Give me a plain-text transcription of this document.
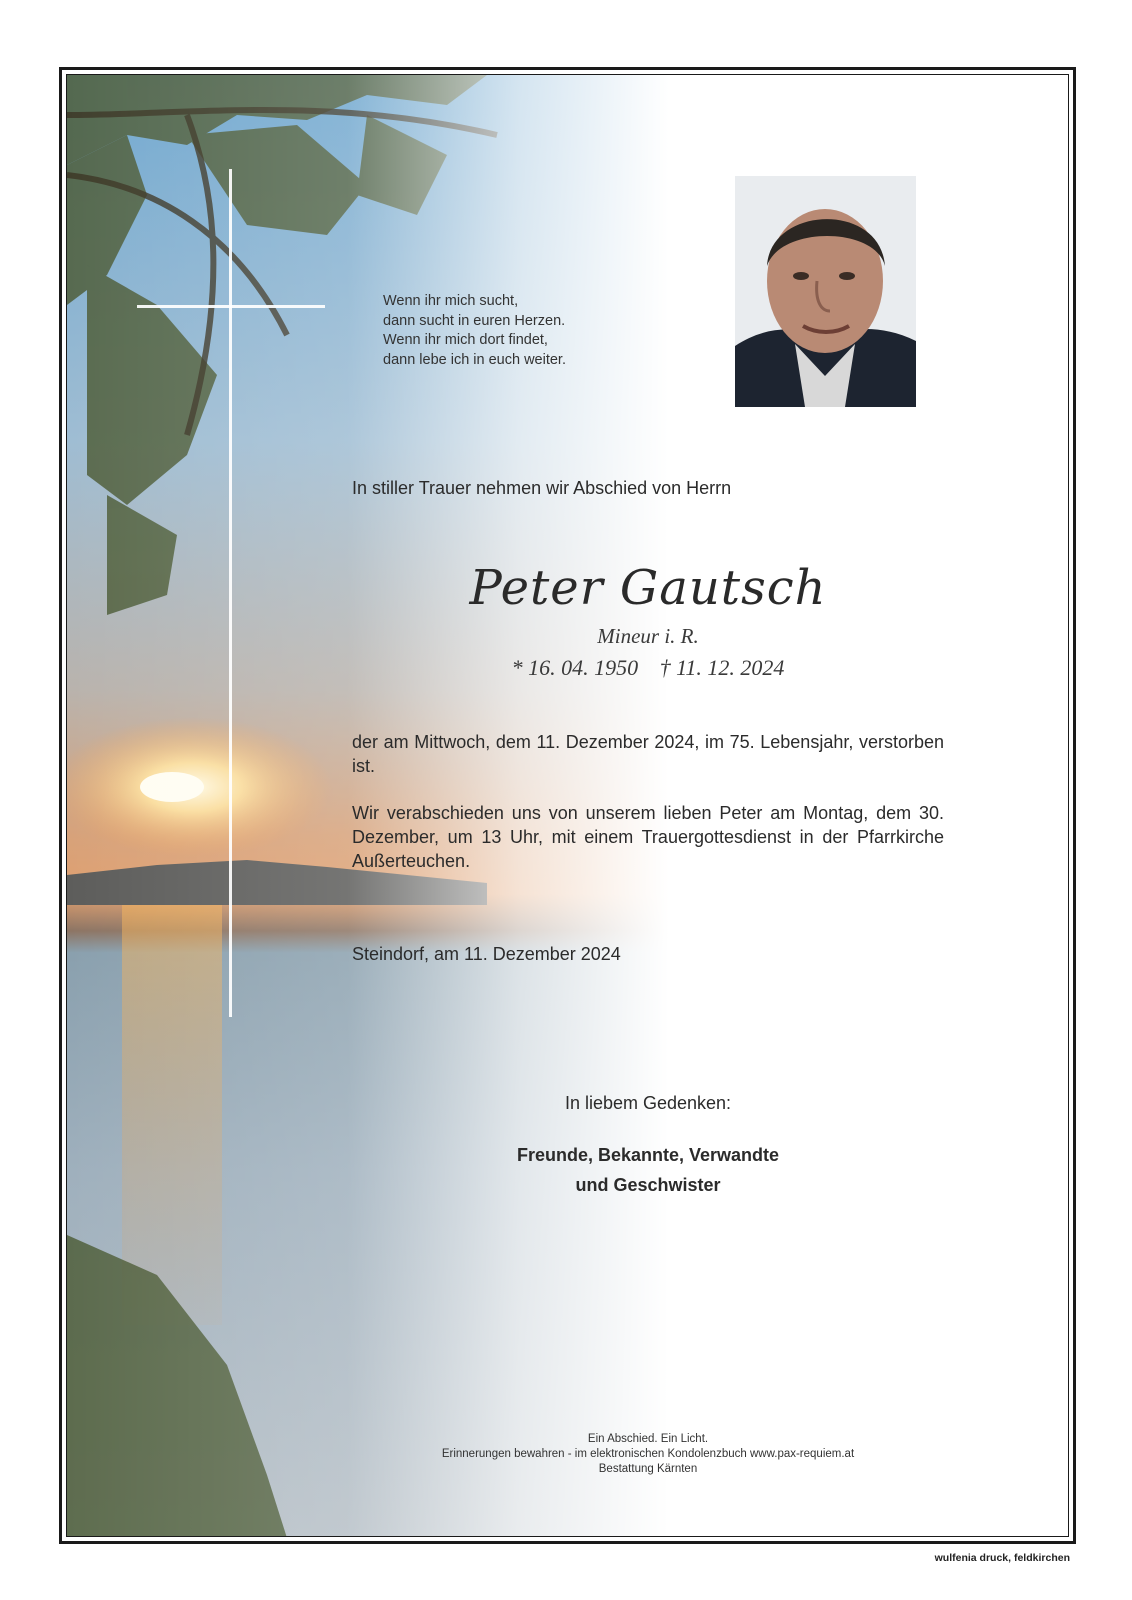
Wenn ihr mich sucht,
dann sucht in euren Herzen.
Wenn ihr mich dort findet,
dann lebe ich in euch weiter.
In stiller Trauer nehmen wir Abschied von Herrn
Peter Gautsch
Mineur i. R.
* 16. 04. 1950 † 11. 12. 2024
der am Mittwoch, dem 11. Dezember 2024, im 75. Lebensjahr, verstorben ist.
Wir verabschieden uns von unserem lieben Peter am Montag, dem 30. Dezember, um 13 Uhr, mit einem Trauergottesdienst in der Pfarrkirche Außerteuchen.
Steindorf, am 11. Dezember 2024
In liebem Gedenken:
Freunde, Bekannte, Verwandte
und Geschwister
Ein Abschied. Ein Licht.
Erinnerungen bewahren - im elektronischen Kondolenzbuch www.pax-requiem.at
Bestattung Kärnten
wulfenia druck, feldkirchen
